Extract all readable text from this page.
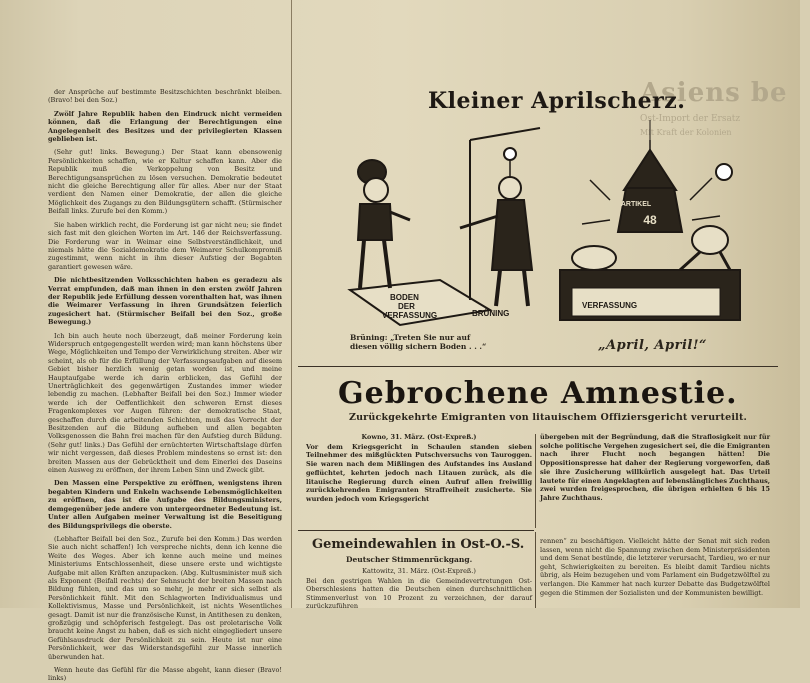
der Ansprüche auf bestimmte Besitzschichten beschränkt bleiben. (Bravo! bei den Soz.)

Zwölf Jahre Republik haben den Eindruck nicht vermeiden können, daß die Erlangung der Berechtigungen eine Angelegenheit des Besitzes und der privilegierten Klassen geblieben ist.

(Sehr gut! links. Bewegung.) Der Staat kann ebensowenig Persönlichkeiten schaffen, wie er Kultur schaffen kann. Aber die Republik muß die Verkoppelung von Besitz und Berechtigungsansprüchen zu lösen versuchen. Demokratie bedeutet nicht die gleiche Berechtigung aller für alles. Aber nur der Staat verdient den Namen einer Demokratie, der allen die gleiche Möglichkeit des Zugangs zu den Bildungsgütern schafft. (Stürmischer Beifall links. Zurufe bei den Komm.)

Sie haben wirklich recht, die Forderung ist gar nicht neu; sie findet sich fast mit den gleichen Worten im Art. 146 der Reichsverfassung. Die Forderung war in Weimar eine Selbstverständlichkeit, und niemals hätte die Sozialdemokratie dem Weimarer Schulkompromiß zugestimmt, wenn nicht in ihm dieser Aufstieg der Begabten garantiert gewesen wäre.

Die nichtbesitzenden Volksschichten haben es geradezu als Verrat empfunden, daß man ihnen in den ersten zwölf Jahren der Republik jede Erfüllung dessen vorenthalten hat, was ihnen die Weimarer Verfassung in ihren Grundsätzen feierlich zugesichert hat. (Stürmischer Beifall bei den Soz., große Bewegung.)

Ich bin auch heute noch überzeugt, daß meiner Forderung kein Widerspruch entgegengestellt werden wird; man kann höchstens über Wege, Möglichkeiten und Tempo der Verwirklichung streiten. Aber wir scheint, als ob für die Erfüllung der Verfassungsaufgaben auf diesem Gebiet bisher herzlich wenig getan worden ist, und meine Hauptaufgabe werde ich darin erblicken, das Gefühl der Unerträglichkeit des gegenwärtigen Zustandes immer wieder lebendig zu machen. (Lebhafter Beifall bei den Soz.) Immer wieder werde ich der Oeffentlichkeit den schweren Ernst dieses Fragenkomplexes vor Augen führen: der demokratische Staat, geschaffen durch die arbeitenden Schichten, muß das Vorrecht der Besitzenden auf die Bildung aufheben und allen begabten Volksgenossen die Bahn frei machen für den Aufstieg durch Bildung. (Sehr gut! links.) Das Gefühl der ernüchterten Wirtschaftslage dürfen wir nicht vergessen, daß dieses Problem mindestens so ernst ist: den breiten Massen aus der Gebrücktheit und dem Einerlei des Daseins einen Ausweg zu eröffnen, der ihrem Leben Sinn und Zweck gibt.

Den Massen eine Perspektive zu eröffnen, wenigstens ihren begabten Kindern und Enkeln wachsende Lebensmöglichkeiten zu eröffnen, das ist die Aufgabe des Bildungsministers, demgegenüber jede andere von untergeordneter Bedeutung ist. Unter allen Aufgaben meiner Verwaltung ist die Beseitigung des Bildungsprivilegs die oberste.

(Lebhafter Beifall bei den Soz., Zurufe bei den Komm.) Das werden Sie auch nicht schaffen!) Ich verspreche nichts, denn ich kenne die Weite des Weges. Aber ich kenne auch meine und meines Ministeriums Entschlossenheit, diese unsere erste und wichtigste Aufgabe mit allen Kräften anzupacken. (Abg. Kultusminister muß sich als Exponent (Beifall rechts) der Sehnsucht der breiten Massen nach Bildung fühlen, und das um so mehr, je mehr er sich selbst als Persönlichkeit fühlt. Mit den Schlagworten Individualismus und Kollektivismus, Masse und Persönlichkeit, ist nichts Wesentliches gesagt. Damit ist nur die französische Kunst, in Antithesen zu denken, großzügig und schöpferisch festgelegt. Das ost proletarische Volk braucht keine Angst zu haben, daß es sich nicht eingegliedert unsere Gefühlsausdruck der Persönlichkeit zu sein. Heute ist nur eine Persönlichkeit, wer das Widerstandsgefühl zur Masse innerlich überwunden hat.

Wenn heute das Gefühl für die Masse abgeht, kann dieser (Bravo! links)

Asiens be
Ost-Import der Ersatz
Mit Kraft der Kolonien
Kleiner Aprilscherz.
BODEN
DER
VERFASSUNG	BRÜNING
ARTIKEL
48
VERFASSUNG
Brüning: „Treten Sie nur auf diesen völlig sichern Boden . . .“	„April, April!“
Gebrochene Amnestie.
Zurückgekehrte Emigranten von litauischem Offiziersgericht verurteilt.
Kowno, 31. März. (Ost-Expreß.)
Vor dem Kriegsgericht in Schaulen standen sieben Teilnehmer des mißglückten Putschversuchs von Tauroggen. Sie waren nach dem Mißlingen des Aufstandes ins Ausland geflüchtet, kehrten jedoch nach Litauen zurück, als die litauische Regierung durch einen Aufruf allen freiwillig zurückkehrenden Emigranten Straffreiheit zusicherte. Sie wurden jedoch vom Kriegsgericht
übergeben mit der Begründung, daß die Straflosigkeit nur für solche politische Vergehen zugesichert sei, die die Emigranten nach ihrer Flucht noch begangen hätten! Die Oppositionspresse hat daher der Regierung vorgeworfen, daß sie ihre Zusicherung willkürlich ausgelegt hat. Das Urteil lautete für einen Angeklagten auf lebenslängliches Zuchthaus, zwei wurden freigesprochen, die übrigen erhielten 6 bis 15 Jahre Zuchthaus.
Gemeindewahlen in Ost-O.-S.
Deutscher Stimmenrückgang.
Kattowitz, 31. März. (Ost-Expreß.)
Bei den gestrigen Wahlen in die Gemeindevertretungen Ost-Oberschlesiens hatten die Deutschen einen durchschnittlichen Stimmenverlust von 10 Prozent zu verzeichnen, der darauf zurückzuführen
rennen“ zu beschäftigen. Vielleicht hätte der Senat mit sich reden lassen, wenn nicht die Spannung zwischen dem Ministerpräsidenten und dem Senat bestünde, die letzterer verursacht, Tardieu, wo er nur geht, Schwierigkeiten zu bereiten. Es bleibt damit Tardieu nichts übrig, als Heim bezugehen und vom Parlament ein Budgetzwölftel zu verlangen. Die Kammer hat nach kurzer Debatte das Budgetzwölftel gegen die Stimmen der Sozialisten und der Kommunisten bewilligt.
